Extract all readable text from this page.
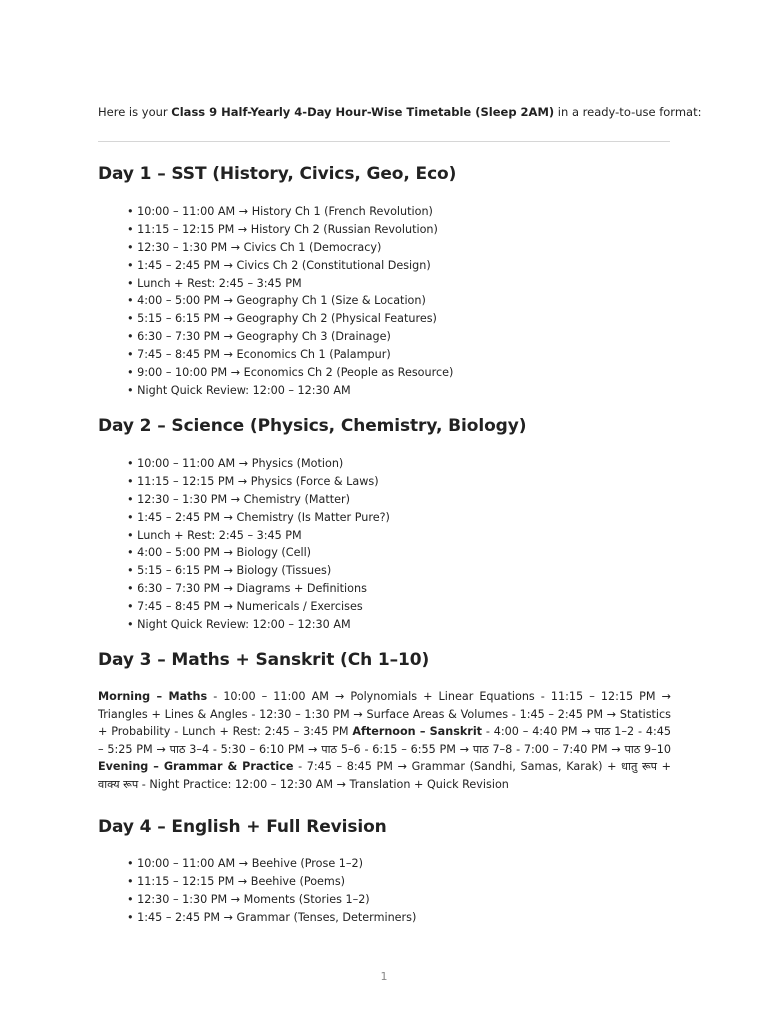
Here is your Class 9 Half-Yearly 4-Day Hour-Wise Timetable (Sleep 2AM) in a ready-to-use format:

Day 1 – SST (History, Civics, Geo, Eco)
• 10:00 – 11:00 AM → History Ch 1 (French Revolution)
• 11:15 – 12:15 PM → History Ch 2 (Russian Revolution)
• 12:30 – 1:30 PM → Civics Ch 1 (Democracy)
• 1:45 – 2:45 PM → Civics Ch 2 (Constitutional Design)
• Lunch + Rest: 2:45 – 3:45 PM
• 4:00 – 5:00 PM → Geography Ch 1 (Size & Location)
• 5:15 – 6:15 PM → Geography Ch 2 (Physical Features)
• 6:30 – 7:30 PM → Geography Ch 3 (Drainage)
• 7:45 – 8:45 PM → Economics Ch 1 (Palampur)
• 9:00 – 10:00 PM → Economics Ch 2 (People as Resource)
• Night Quick Review: 12:00 – 12:30 AM
Day 2 – Science (Physics, Chemistry, Biology)
• 10:00 – 11:00 AM → Physics (Motion)
• 11:15 – 12:15 PM → Physics (Force & Laws)
• 12:30 – 1:30 PM → Chemistry (Matter)
• 1:45 – 2:45 PM → Chemistry (Is Matter Pure?)
• Lunch + Rest: 2:45 – 3:45 PM
• 4:00 – 5:00 PM → Biology (Cell)
• 5:15 – 6:15 PM → Biology (Tissues)
• 6:30 – 7:30 PM → Diagrams + Definitions
• 7:45 – 8:45 PM → Numericals / Exercises
• Night Quick Review: 12:00 – 12:30 AM
Day 3 – Maths + Sanskrit (Ch 1–10)

Morning – Maths - 10:00 – 11:00 AM → Polynomials + Linear Equations - 11:15 – 12:15 PM → Triangles + Lines & Angles - 12:30 – 1:30 PM → Surface Areas & Volumes - 1:45 – 2:45 PM → Statistics + Probability - Lunch + Rest: 2:45 – 3:45 PM Afternoon – Sanskrit - 4:00 – 4:40 PM → पाठ 1–2 - 4:45 – 5:25 PM → पाठ 3–4 - 5:30 – 6:10 PM → पाठ 5–6 - 6:15 – 6:55 PM → पाठ 7–8 - 7:00 – 7:40 PM → पाठ 9–10 Evening – Grammar & Practice - 7:45 – 8:45 PM → Grammar (Sandhi, Samas, Karak) + धातु रूप + वाक्य रूप - Night Practice: 12:00 – 12:30 AM → Translation + Quick Revision

Day 4 – English + Full Revision
• 10:00 – 11:00 AM → Beehive (Prose 1–2)
• 11:15 – 12:15 PM → Beehive (Poems)
• 12:30 – 1:30 PM → Moments (Stories 1–2)
• 1:45 – 2:45 PM → Grammar (Tenses, Determiners)
1
